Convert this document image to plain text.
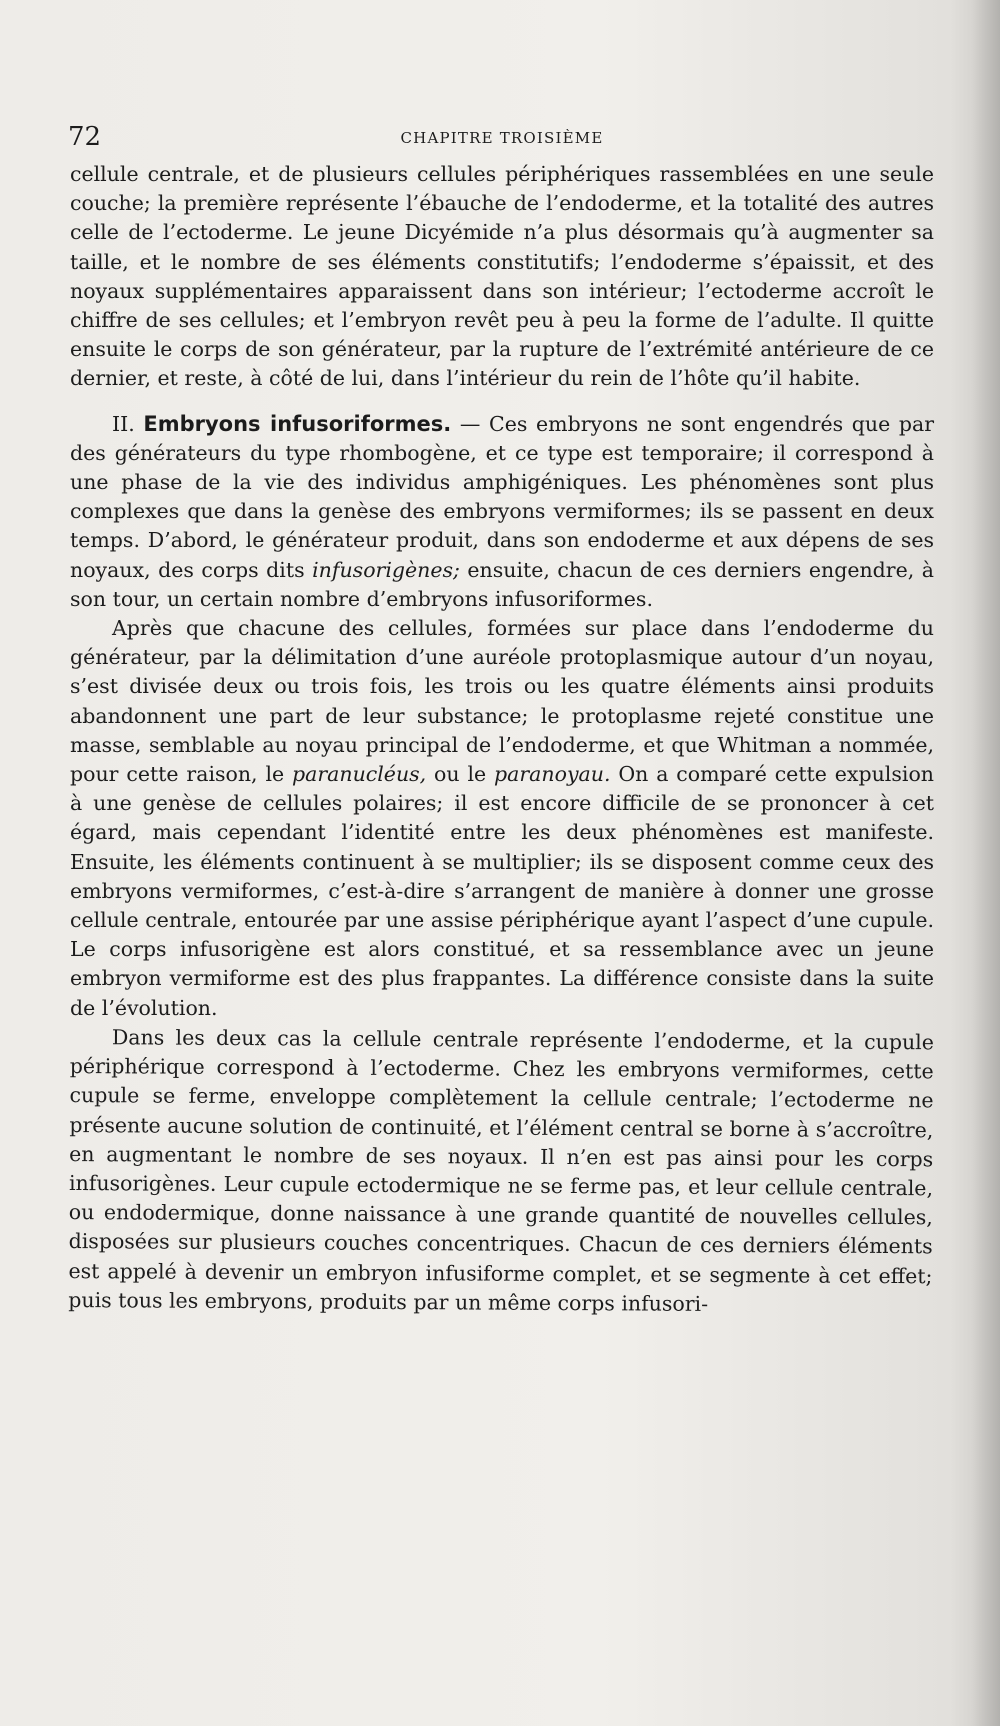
72	CHAPITRE TROISIÈME

cellule centrale, et de plusieurs cellules périphériques rassemblées en une seule couche; la première représente l’ébauche de l’endoderme, et la totalité des autres celle de l’ectoderme. Le jeune Dicyémide n’a plus désormais qu’à augmenter sa taille, et le nombre de ses éléments constitutifs; l’endoderme s’épaissit, et des noyaux supplémentaires apparaissent dans son intérieur; l’ectoderme accroît le chiffre de ses cellules; et l’embryon revêt peu à peu la forme de l’adulte. Il quitte ensuite le corps de son générateur, par la rupture de l’extrémité antérieure de ce dernier, et reste, à côté de lui, dans l’intérieur du rein de l’hôte qu’il habite.

II. Embryons infusoriformes. — Ces embryons ne sont engendrés que par des générateurs du type rhombogène, et ce type est temporaire; il correspond à une phase de la vie des individus amphigéniques. Les phénomènes sont plus complexes que dans la genèse des embryons vermiformes; ils se passent en deux temps. D’abord, le générateur produit, dans son endoderme et aux dépens de ses noyaux, des corps dits infusorigènes; ensuite, chacun de ces derniers engendre, à son tour, un certain nombre d’embryons infusoriformes.

Après que chacune des cellules, formées sur place dans l’endoderme du générateur, par la délimitation d’une auréole protoplasmique autour d’un noyau, s’est divisée deux ou trois fois, les trois ou les quatre éléments ainsi produits abandonnent une part de leur substance; le protoplasme rejeté constitue une masse, semblable au noyau principal de l’endoderme, et que Whitman a nommée, pour cette raison, le paranucléus, ou le paranoyau. On a comparé cette expulsion à une genèse de cellules polaires; il est encore difficile de se prononcer à cet égard, mais cependant l’identité entre les deux phénomènes est manifeste. Ensuite, les éléments continuent à se multiplier; ils se disposent comme ceux des embryons vermiformes, c’est-à-dire s’arrangent de manière à donner une grosse cellule centrale, entourée par une assise périphérique ayant l’aspect d’une cupule. Le corps infusorigène est alors constitué, et sa ressemblance avec un jeune embryon vermiforme est des plus frappantes. La différence consiste dans la suite de l’évolution.

Dans les deux cas la cellule centrale représente l’endoderme, et la cupule périphérique correspond à l’ectoderme. Chez les embryons vermiformes, cette cupule se ferme, enveloppe complètement la cellule centrale; l’ectoderme ne présente aucune solution de continuité, et l’élément central se borne à s’accroître, en augmentant le nombre de ses noyaux. Il n’en est pas ainsi pour les corps infusorigènes. Leur cupule ectodermique ne se ferme pas, et leur cellule centrale, ou endodermique, donne naissance à une grande quantité de nouvelles cellules, disposées sur plusieurs couches concentriques. Chacun de ces derniers éléments est appelé à devenir un embryon infusiforme complet, et se segmente à cet effet; puis tous les embryons, produits par un même corps infusori-
